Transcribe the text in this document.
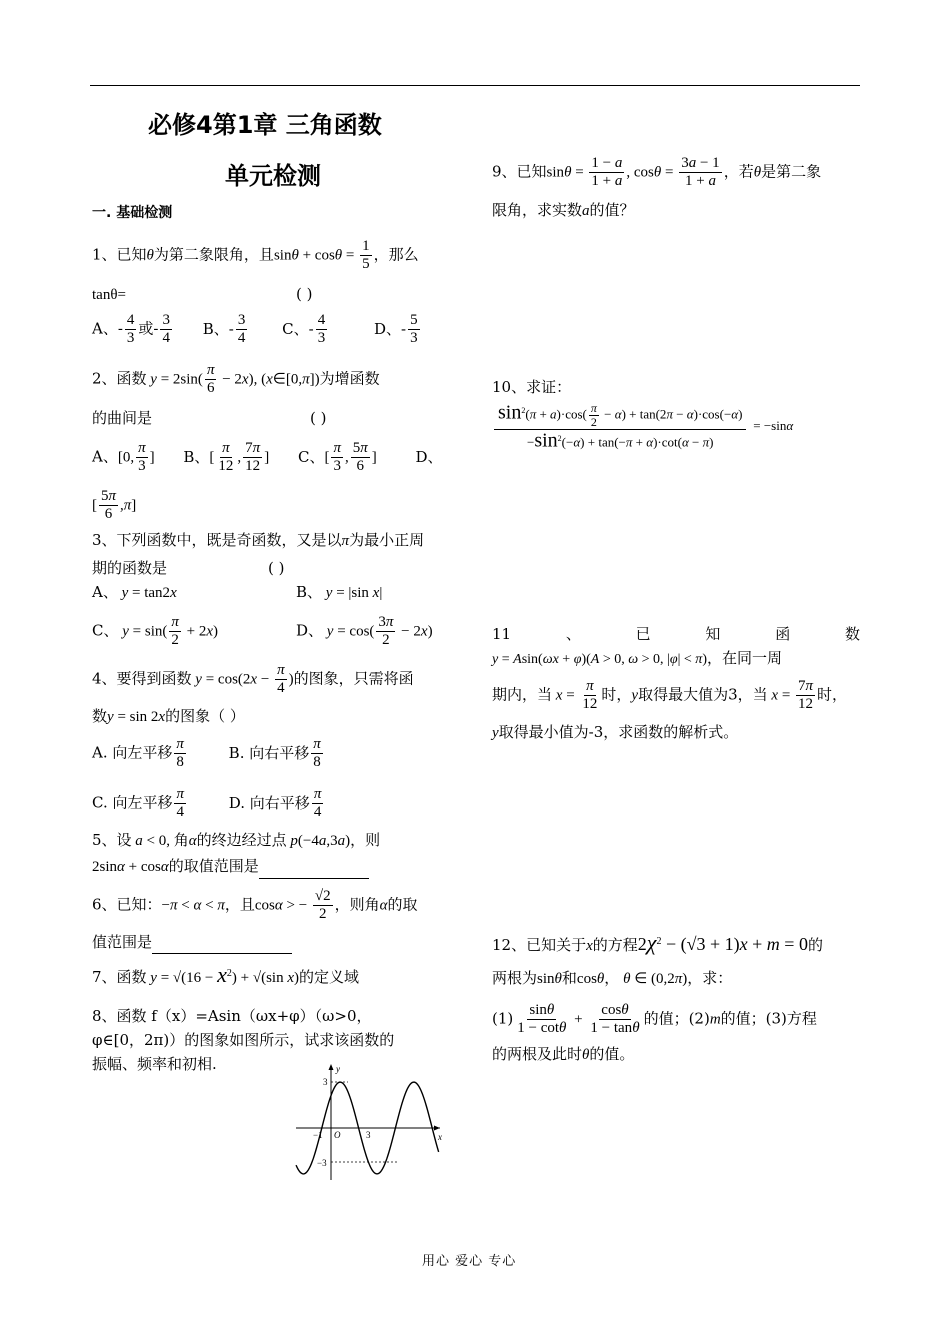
必修4第1章 三角函数
单元检测
一. 基础检测
1、已知θ为第二象限角，且$\sin\theta + \cos\theta = \frac{1}{5}$ ，那么
tanθ=	( )
A、- $\frac{4}{3}$ 或- $\frac{3}{4}$ B、- $\frac{3}{4}$ C、- $\frac{4}{3}$	D、- $\frac{5}{3}$
2、函数 $y = 2\sin( \frac{\pi}{6} - 2x)$, (x∈[0,π])为增函数
的曲间是	( )
A、[0, $\frac{\pi}{3}$ ] B、[ $\frac{\pi}{12}$ , $\frac{7\pi}{12}$ ] C、[ $\frac{\pi}{3}$ , $\frac{5\pi}{6}$ ]	D、
[ $\frac{5\pi}{6} ,\pi$]
3、下列函数中，既是奇函数，又是以π为最小正周
期的函数是	( )
A、 y = tan2x	B、 y = |sin x|
C、 $y = \sin( \frac{\pi}{2} + 2x)$	D、 $y = \cos( \frac{3\pi}{2} - 2x)$
4、要得到函数 $y = \cos(2x - \frac{\pi}{4}$ )的图象，只需将函
数y = sin 2x的图象（ ）
A. 向左平移 $\frac{\pi}{8}$	B. 向右平移 $\frac{\pi}{8}$
C. 向左平移 $\frac{\pi}{4}$	D. 向右平移 $\frac{\pi}{4}$
5、设 a < 0, 角α的终边经过点 p(−4a,3a)，则
2sinα + cosα的取值范围是
6、已知：−π < α < π，且cosα > − $\frac{√2}{2}$ ，则角α的取
值范围是
7、函数 $y = √(16 - x^2) + √(\sin$ x)的定义域
8、函数 f（x）=Asin（ωx+φ）（ω>0，
φ∈[0，2π)）的图象如图所示，试求该函数的
振幅、频率和初相.	y
x
3
−3
−1 O	3
9、已知$\sin\theta = \frac{1 - a}{1 + a}$ , $\cos\theta = \frac{3a - 1}{1 + a}$ ，若θ是第二象
限角，求实数a的值？
10、求证：
$\frac{\sin^2(\pi + a)\cdot\cos( \frac{\pi}{2} - \alpha) + \tan(2\pi - \alpha)\cdot\cos(-\alpha)}{-\sin^2(-\alpha) + \tan(-\pi + \alpha)\cdot\cot(\alpha - \pi)} = -\sin\alpha$
11	、	已	知	函	数
y = Asin(ωx + φ)(A > 0, ω > 0, |φ| < π)，在同一周
期内，当 $x = \frac{\pi}{12}$ 时，y取得最大值为3，当 $x = \frac{7\pi}{12}$ 时，
y取得最小值为-3，求函数的解析式。
12、已知关于x的方程$2\chi^2 - (√3 + 1)x + m = 0$的
两根为sinθ和cosθ， θ ∈ (0,2π)，求：
$(1) \frac{\sin\theta}{1 - \cot\theta} + \frac{\cos\theta}{1 - \tan\theta}$ 的值；(2)m的值；(3)方程
的两根及此时θ的值。
用心 爱心 专心
